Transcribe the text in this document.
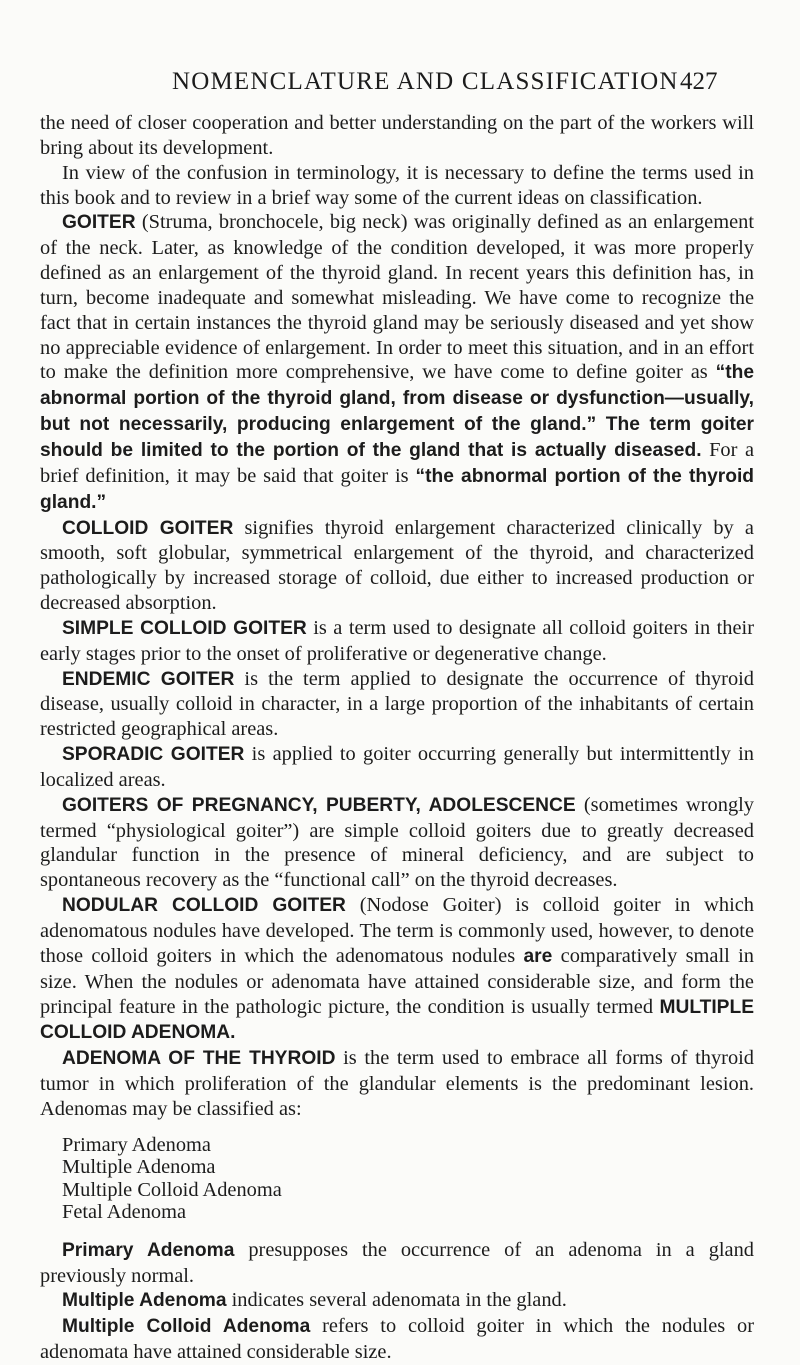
NOMENCLATURE AND CLASSIFICATION 427

the need of closer cooperation and better understanding on the part of the workers will bring about its development.

In view of the confusion in terminology, it is necessary to define the terms used in this book and to review in a brief way some of the current ideas on classification.

GOITER (Struma, bronchocele, big neck) was originally defined as an enlargement of the neck. Later, as knowledge of the condition developed, it was more properly defined as an enlargement of the thyroid gland. In recent years this definition has, in turn, become inadequate and somewhat misleading. We have come to recognize the fact that in certain instances the thyroid gland may be seriously diseased and yet show no appreciable evidence of enlargement. In order to meet this situation, and in an effort to make the definition more comprehensive, we have come to define goiter as “the abnormal portion of the thyroid gland, from disease or dysfunction—usually, but not necessarily, producing enlargement of the gland.” The term goiter should be limited to the portion of the gland that is actually diseased. For a brief definition, it may be said that goiter is “the abnormal portion of the thyroid gland.”

COLLOID GOITER signifies thyroid enlargement characterized clinically by a smooth, soft globular, symmetrical enlargement of the thyroid, and characterized pathologically by increased storage of colloid, due either to increased production or decreased absorption.

SIMPLE COLLOID GOITER is a term used to designate all colloid goiters in their early stages prior to the onset of proliferative or degenerative change.

ENDEMIC GOITER is the term applied to designate the occurrence of thyroid disease, usually colloid in character, in a large proportion of the inhabitants of certain restricted geographical areas.

SPORADIC GOITER is applied to goiter occurring generally but intermittently in localized areas.

GOITERS OF PREGNANCY, PUBERTY, ADOLESCENCE (sometimes wrongly termed “physiological goiter”) are simple colloid goiters due to greatly decreased glandular function in the presence of mineral deficiency, and are subject to spontaneous recovery as the “functional call” on the thyroid decreases.

NODULAR COLLOID GOITER (Nodose Goiter) is colloid goiter in which adenomatous nodules have developed. The term is commonly used, however, to denote those colloid goiters in which the adenomatous nodules are comparatively small in size. When the nodules or adenomata have attained considerable size, and form the principal feature in the pathologic picture, the condition is usually termed MULTIPLE COLLOID ADENOMA.

ADENOMA OF THE THYROID is the term used to embrace all forms of thyroid tumor in which proliferation of the glandular elements is the predominant lesion. Adenomas may be classified as:

Primary Adenoma
Multiple Adenoma
Multiple Colloid Adenoma
Fetal Adenoma

Primary Adenoma presupposes the occurrence of an adenoma in a gland previously normal.

Multiple Adenoma indicates several adenomata in the gland.

Multiple Colloid Adenoma refers to colloid goiter in which the nodules or adenomata have attained considerable size.
